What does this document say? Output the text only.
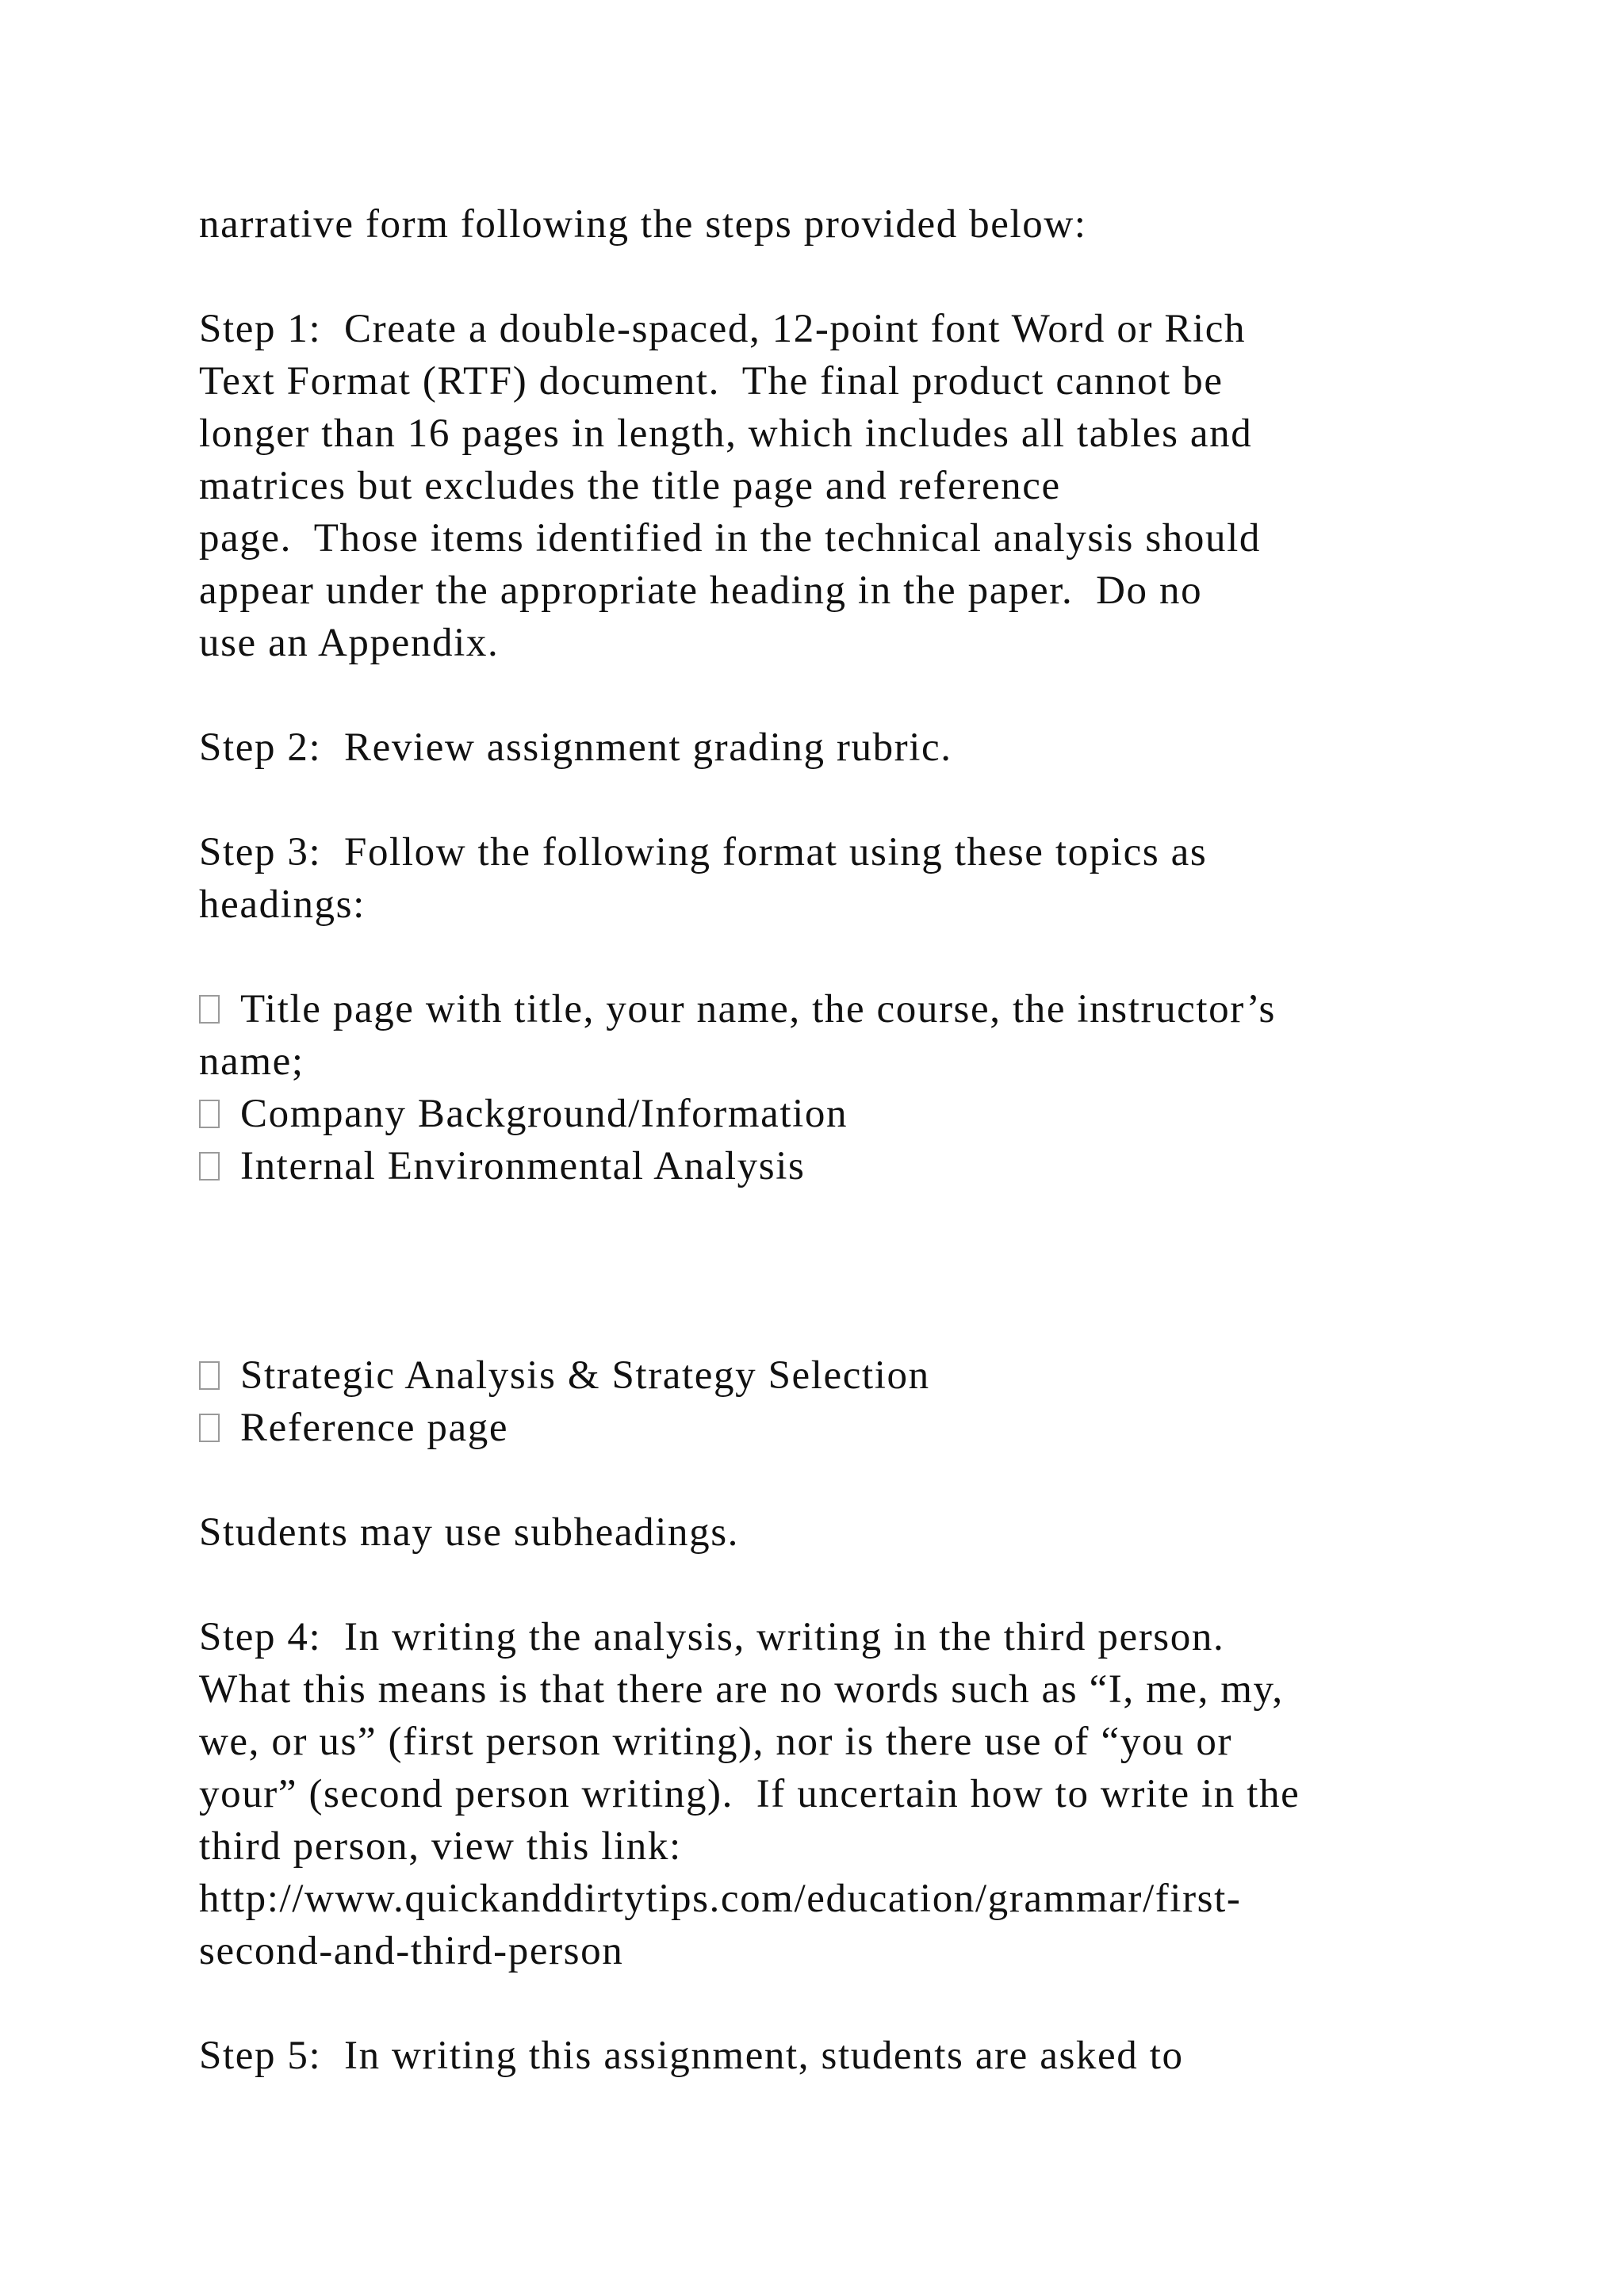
narrative form following the steps provided below:

Step 1:  Create a double-spaced, 12-point font Word or Rich

Text Format (RTF) document.  The final product cannot be

longer than 16 pages in length, which includes all tables and

matrices but excludes the title page and reference

page.  Those items identified in the technical analysis should

appear under the appropriate heading in the paper.  Do no

use an Appendix.

Step 2:  Review assignment grading rubric.

Step 3:  Follow the following format using these topics as

headings:

Title page with title, your name, the course, the instructor’s

name;

Company Background/Information

Internal Environmental Analysis

Strategic Analysis & Strategy Selection

Reference page

Students may use subheadings.

Step 4:  In writing the analysis, writing in the third person.

What this means is that there are no words such as “I, me, my,

we, or us” (first person writing), nor is there use of “you or

your” (second person writing).  If uncertain how to write in the

third person, view this link:

http://www.quickanddirtytips.com/education/grammar/first-

second-and-third-person

Step 5:  In writing this assignment, students are asked to
